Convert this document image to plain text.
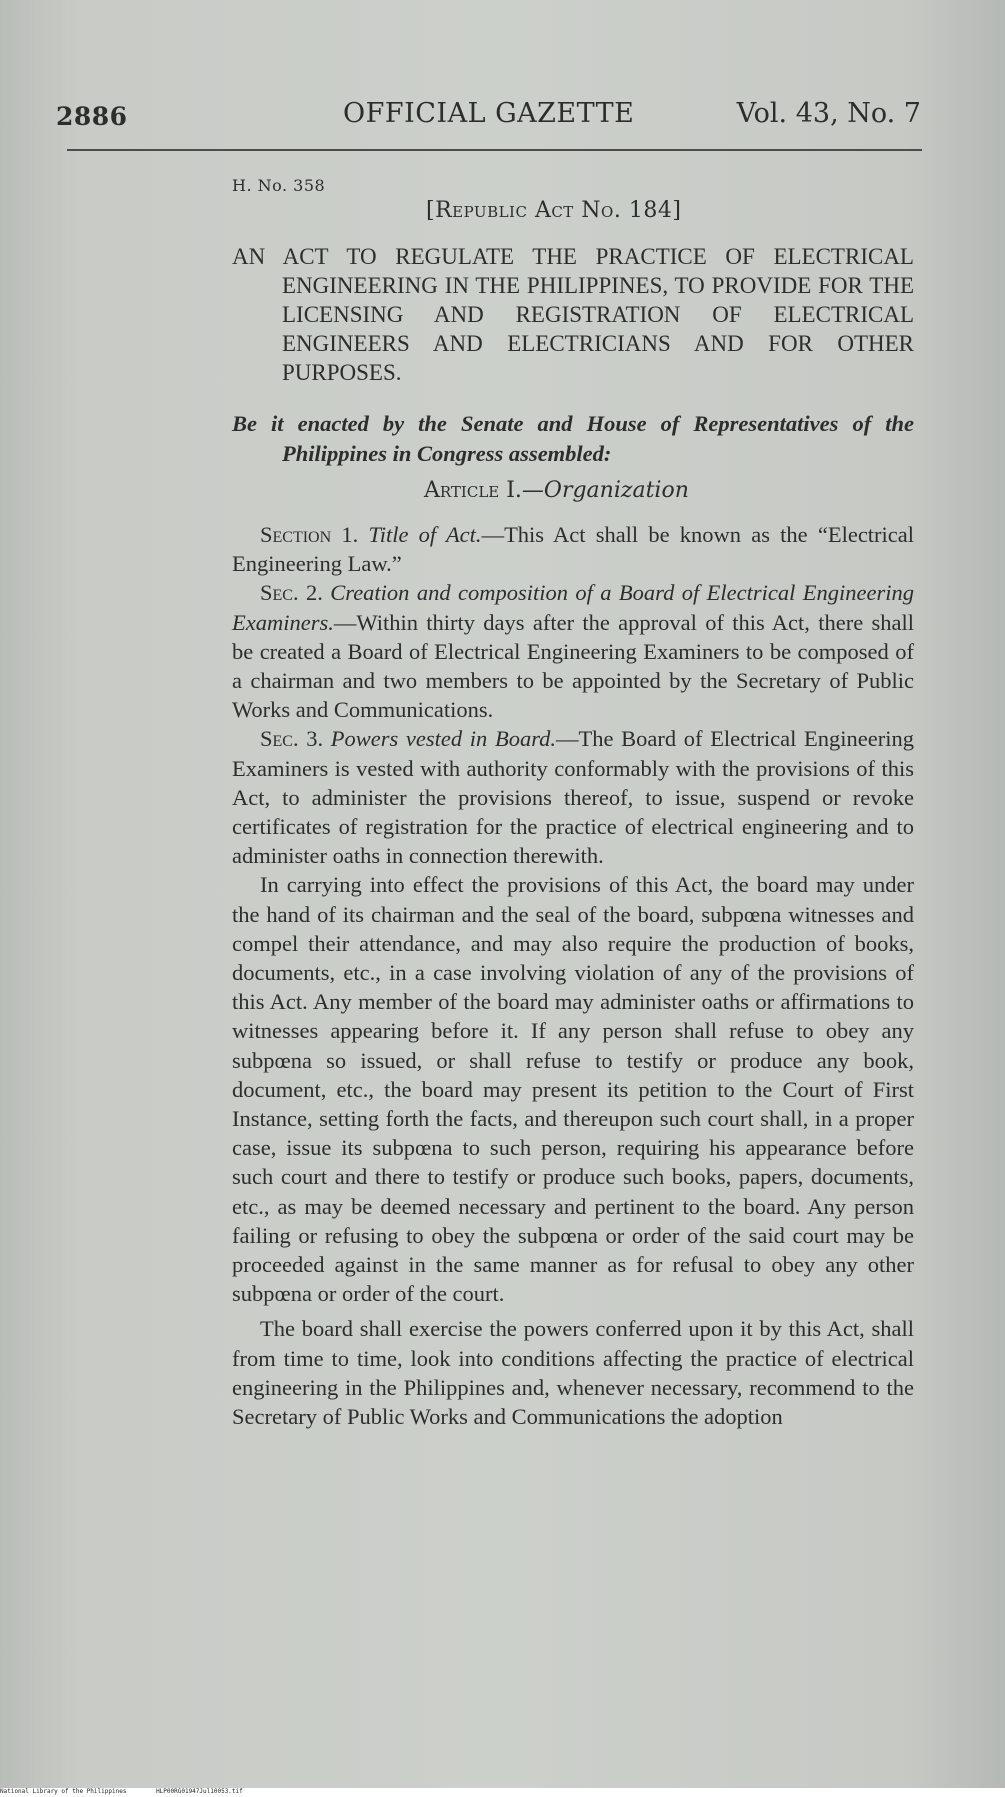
2886	OFFICIAL GAZETTE	Vol. 43, No. 7
H. No. 358
[Republic Act No. 184]
AN ACT TO REGULATE THE PRACTICE OF ELECTRICAL ENGINEERING IN THE PHILIPPINES, TO PROVIDE FOR THE LICENSING AND REGISTRATION OF ELECTRICAL ENGINEERS AND ELECTRICIANS AND FOR OTHER PURPOSES.
Be it enacted by the Senate and House of Representatives of the Philippines in Congress assembled:
Article I.—Organization

Section 1. Title of Act.—This Act shall be known as the “Electrical Engineering Law.”

Sec. 2. Creation and composition of a Board of Electrical Engineering Examiners.—Within thirty days after the approval of this Act, there shall be created a Board of Electrical Engineering Examiners to be composed of a chairman and two members to be appointed by the Secretary of Public Works and Communications.

Sec. 3. Powers vested in Board.—The Board of Electrical Engineering Examiners is vested with authority conformably with the provisions of this Act, to administer the provisions thereof, to issue, suspend or revoke certificates of registration for the practice of electrical engineering and to administer oaths in connection therewith.

In carrying into effect the provisions of this Act, the board may under the hand of its chairman and the seal of the board, subpœna witnesses and compel their attendance, and may also require the production of books, documents, etc., in a case involving violation of any of the provisions of this Act. Any member of the board may administer oaths or affirmations to witnesses appearing before it. If any person shall refuse to obey any subpœna so issued, or shall refuse to testify or produce any book, document, etc., the board may present its petition to the Court of First Instance, setting forth the facts, and thereupon such court shall, in a proper case, issue its subpœna to such person, requiring his appearance before such court and there to testify or produce such books, papers, documents, etc., as may be deemed necessary and pertinent to the board. Any person failing or refusing to obey the subpœna or order of the said court may be proceeded against in the same manner as for refusal to obey any other subpœna or order of the court.

The board shall exercise the powers conferred upon it by this Act, shall from time to time, look into conditions affecting the practice of electrical engineering in the Philippines and, whenever necessary, recommend to the Secretary of Public Works and Communications the adoption

National Library of the Philippines	HLP00RG01947Jul10053.tif
